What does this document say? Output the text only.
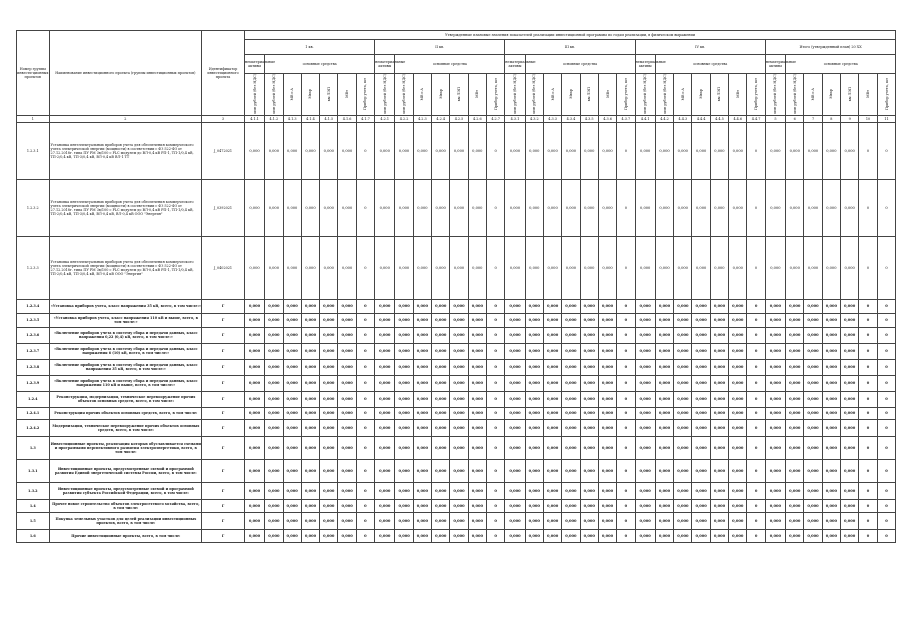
Номер группы инвести-ционных проектов	Наименование инвестиционного проекта (группы инвестиционных проектов)	Идентификатор инвестиционного проекта	Утвержденные плановые значения показателей реализации инвестиционной программы по годам реализации, в физическом выражении																																		
			1 кв.							II кв.							III кв.							IV кв.							Итого (утвержденный план) 20 ХХ						
			нематериальные активы	основные средства						нематериальные активы	основные средства						нематериальные активы	основные средства						нематериальные активы	основные средства						нематериальные активы	основные средства					
			млн рублей (без НДС)	млн рублей (без НДС)	МВ×А	Мвар	км ЛЭП	МВт	Прибор учета, шт	млн рублей (без НДС)	млн рублей (без НДС)	МВ×А	Мвар	км ЛЭП	МВт	Прибор учета, шт	млн рублей (без НДС)	млн рублей (без НДС)	МВ×А	Мвар	км ЛЭП	МВт	Прибор учета, шт	млн рублей (без НДС)	млн рублей (без НДС)	МВ×А	Мвар	км ЛЭП	МВт	Прибор учета, шт	млн рублей (без НДС)	млн рублей (без НДС)	МВ×А	Мвар	км ЛЭП	МВт	Прибор учета, шт
1	2	3	4.1.1	4.1.2	4.1.3	4.1.4	4.1.5	4.1.6	4.1.7	4.2.1	4.2.2	4.2.3	4.2.4	4.2.5	4.2.6	4.2.7	4.3.1	4.3.2	4.3.3	4.3.4	4.3.5	4.3.6	4.3.7	4.4.1	4.4.2	4.4.3	4.4.4	4.4.5	4.4.6	4.4.7	5	6	7	8	9	10	11
1.2.3.1	Установка интеллектуальных приборов учета для обеспечения коммерческого учета электрической энергии (мощности) в соответствии с ФЗ 522-ФЗ от 27.12.2018г. типа ПУ РМ 3в/100 с PLC модулем до ВЛ-0,4 кВ РП-1, ТП-1/0,4 кВ, ТП-2/0,4 кВ, ТП-3/0,4 кВ, ВЛ-0,4 кВ ВЛ-1 ТТ	J_0472021	0,000	0,000	0,000	0,000	0,000	0,000	0	0,000	0,000	0,000	0,000	0,000	0,000	0	0,000	0,000	0,000	0,000	0,000	0,000	0	0,000	0,000	0,000	0,000	0,000	0,000	0	0,000	0,000	0,000	0,000	0,000	0	0
1.2.3.2	Установка интеллектуальных приборов учета для обеспечения коммерческого учета электрической энергии (мощности) в соответствии с ФЗ 522-ФЗ от 27.12.2018г. типа ПУ РМ 3в/100 с PLC модулем до ВЛ-0,4 кВ РП-1, ТП-1/0,4 кВ, ТП-2/0,4 кВ, ТП-3/0,4 кВ, ВЛ-0,4 кВ, ВЛ-0,4 кВ ООО "Энергия"	J_0392021	0,000	0,000	0,000	0,000	0,000	0,000	0	0,000	0,000	0,000	0,000	0,000	0,000	0	0,000	0,000	0,000	0,000	0,000	0,000	0	0,000	0,000	0,000	0,000	0,000	0,000	0	0,000	0,000	0,000	0,000	0,000	0	0
1.2.3.3	Установка интеллектуальных приборов учета для обеспечения коммерческого учета электрической энергии (мощности) в соответствии с ФЗ 522-ФЗ от 27.12.2018г. типа ПУ РМ 3в/100 с PLC модулем до ВЛ-0,4 кВ РП-1, ТП-1/0,4 кВ, ТП-2/0,4 кВ, ТП-3/0,4 кВ, ВЛ-0,4 кВ ООО "Энергия"	J_0402021	0,000	0,000	0,000	0,000	0,000	0,000	0	0,000	0,000	0,000	0,000	0,000	0,000	0	0,000	0,000	0,000	0,000	0,000	0,000	0	0,000	0,000	0,000	0,000	0,000	0,000	0	0,000	0,000	0,000	0,000	0,000	0	0
1.2.3.4	«Установка приборов учета, класс напряжения 35 кВ, всего, в том числе:»	Г	0,000	0,000	0,000	0,000	0,000	0,000	0	0,000	0,000	0,000	0,000	0,000	0,000	0	0,000	0,000	0,000	0,000	0,000	0,000	0	0,000	0,000	0,000	0,000	0,000	0,000	0	0,000	0,000	0,000	0,000	0,000	0	0
1.2.3.5	«Установка приборов учета, класс напряжения 110 кВ и выше, всего, в том числе:»	Г	0,000	0,000	0,000	0,000	0,000	0,000	0	0,000	0,000	0,000	0,000	0,000	0,000	0	0,000	0,000	0,000	0,000	0,000	0,000	0	0,000	0,000	0,000	0,000	0,000	0,000	0	0,000	0,000	0,000	0,000	0,000	0	0
1.2.3.6	«Включение приборов учета в систему сбора и передачи данных, класс напряжения 0,22 (0,4) кВ, всего, в том числе:»	Г	0,000	0,000	0,000	0,000	0,000	0,000	0	0,000	0,000	0,000	0,000	0,000	0,000	0	0,000	0,000	0,000	0,000	0,000	0,000	0	0,000	0,000	0,000	0,000	0,000	0,000	0	0,000	0,000	0,000	0,000	0,000	0	0
1.2.3.7	«Включение приборов учета в систему сбора и передачи данных, класс напряжения 6 (10) кВ, всего, в том числе:»	Г	0,000	0,000	0,000	0,000	0,000	0,000	0	0,000	0,000	0,000	0,000	0,000	0,000	0	0,000	0,000	0,000	0,000	0,000	0,000	0	0,000	0,000	0,000	0,000	0,000	0,000	0	0,000	0,000	0,000	0,000	0,000	0	0
1.2.3.8	«Включение приборов учета в систему сбора и передачи данных, класс напряжения 35 кВ, всего, в том числе:»	Г	0,000	0,000	0,000	0,000	0,000	0,000	0	0,000	0,000	0,000	0,000	0,000	0,000	0	0,000	0,000	0,000	0,000	0,000	0,000	0	0,000	0,000	0,000	0,000	0,000	0,000	0	0,000	0,000	0,000	0,000	0,000	0	0
1.2.3.9	«Включение приборов учета в систему сбора и передачи данных, класс напряжения 110 кВ и выше, всего, в том числе:»	Г	0,000	0,000	0,000	0,000	0,000	0,000	0	0,000	0,000	0,000	0,000	0,000	0,000	0	0,000	0,000	0,000	0,000	0,000	0,000	0	0,000	0,000	0,000	0,000	0,000	0,000	0	0,000	0,000	0,000	0,000	0,000	0	0
1.2.4	Реконструкция, модернизация, техническое перевооружение прочих объектов основных средств, всего, в том числе:	Г	0,000	0,000	0,000	0,000	0,000	0,000	0	0,000	0,000	0,000	0,000	0,000	0,000	0	0,000	0,000	0,000	0,000	0,000	0,000	0	0,000	0,000	0,000	0,000	0,000	0,000	0	0,000	0,000	0,000	0,000	0,000	0	0
1.2.4.1	Реконструкция прочих объектов основных средств, всего, в том числе:	Г	0,000	0,000	0,000	0,000	0,000	0,000	0	0,000	0,000	0,000	0,000	0,000	0,000	0	0,000	0,000	0,000	0,000	0,000	0,000	0	0,000	0,000	0,000	0,000	0,000	0,000	0	0,000	0,000	0,000	0,000	0,000	0	0
1.2.4.2	Модернизация, техническое перевооружение прочих объектов основных средств, всего, в том числе:	Г	0,000	0,000	0,000	0,000	0,000	0,000	0	0,000	0,000	0,000	0,000	0,000	0,000	0	0,000	0,000	0,000	0,000	0,000	0,000	0	0,000	0,000	0,000	0,000	0,000	0,000	0	0,000	0,000	0,000	0,000	0,000	0	0
1.3	Инвестиционные проекты, реализация которых обуславливается схемами и программами перспективного развития электроэнергетики, всего, в том числе:	Г	0,000	0,000	0,000	0,000	0,000	0,000	0	0,000	0,000	0,000	0,000	0,000	0,000	0	0,000	0,000	0,000	0,000	0,000	0,000	0	0,000	0,000	0,000	0,000	0,000	0,000	0	0,000	0,000	0,000	0,000	0,000	0	0
1.3.1	Инвестиционные проекты, предусмотренные схемой и программой развития Единой энергетической системы России, всего, в том числе:	Г	0,000	0,000	0,000	0,000	0,000	0,000	0	0,000	0,000	0,000	0,000	0,000	0,000	0	0,000	0,000	0,000	0,000	0,000	0,000	0	0,000	0,000	0,000	0,000	0,000	0,000	0	0,000	0,000	0,000	0,000	0,000	0	0
1.3.2	Инвестиционные проекты, предусмотренные схемой и программой развития субъекта Российской Федерации, всего, в том числе:	Г	0,000	0,000	0,000	0,000	0,000	0,000	0	0,000	0,000	0,000	0,000	0,000	0,000	0	0,000	0,000	0,000	0,000	0,000	0,000	0	0,000	0,000	0,000	0,000	0,000	0,000	0	0,000	0,000	0,000	0,000	0,000	0	0
1.4	Прочее новое строительство объектов электросетевого хозяйства, всего, в том числе:	Г	0,000	0,000	0,000	0,000	0,000	0,000	0	0,000	0,000	0,000	0,000	0,000	0,000	0	0,000	0,000	0,000	0,000	0,000	0,000	0	0,000	0,000	0,000	0,000	0,000	0,000	0	0,000	0,000	0,000	0,000	0,000	0	0
1.5	Покупка земельных участков для целей реализации инвестиционных проектов, всего, в том числе:	Г	0,000	0,000	0,000	0,000	0,000	0,000	0	0,000	0,000	0,000	0,000	0,000	0,000	0	0,000	0,000	0,000	0,000	0,000	0,000	0	0,000	0,000	0,000	0,000	0,000	0,000	0	0,000	0,000	0,000	0,000	0,000	0	0
1.6	Прочие инвестиционные проекты, всего, в том числе:	Г	0,000	0,000	0,000	0,000	0,000	0,000	0	0,000	0,000	0,000	0,000	0,000	0,000	0	0,000	0,000	0,000	0,000	0,000	0,000	0	0,000	0,000	0,000	0,000	0,000	0,000	0	0,000	0,000	0,000	0,000	0,000	0	0
